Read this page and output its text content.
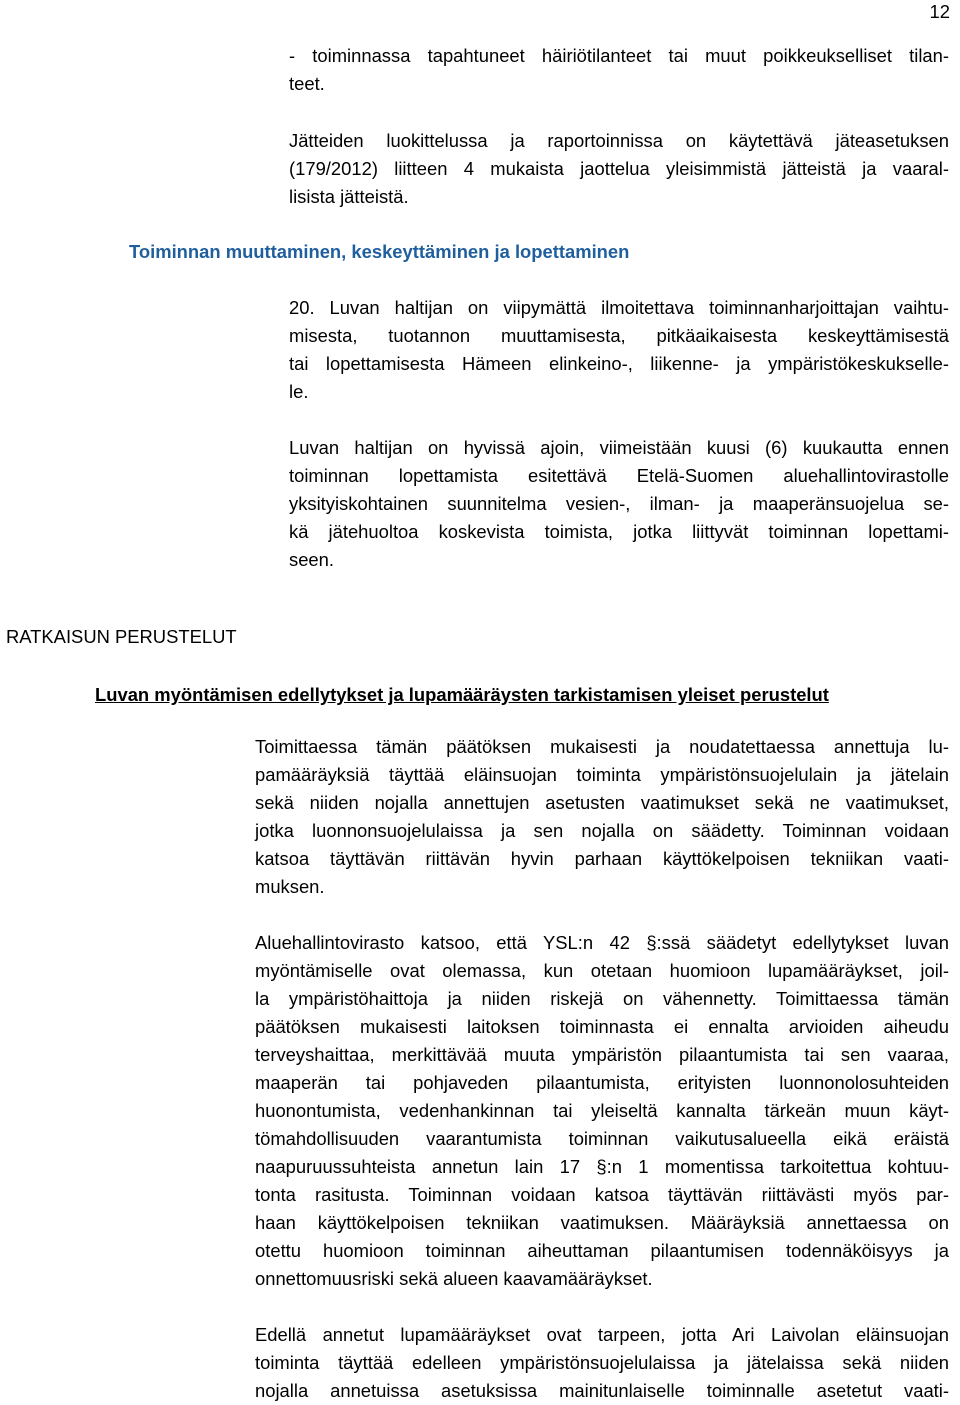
12
- toiminnassa tapahtuneet häiriötilanteet tai muut poikkeukselliset tilan-
teet.
Jätteiden luokittelussa ja raportoinnissa on käytettävä jäteasetuksen
(179/2012) liitteen 4 mukaista jaottelua yleisimmistä jätteistä ja vaaral-
lisista jätteistä.
Toiminnan muuttaminen, keskeyttäminen ja lopettaminen
20. Luvan haltijan on viipymättä ilmoitettava toiminnanharjoittajan vaihtu-
misesta, tuotannon muuttamisesta, pitkäaikaisesta keskeyttämisestä
tai lopettamisesta Hämeen elinkeino-, liikenne- ja ympäristökeskukselle-
le.
Luvan haltijan on hyvissä ajoin, viimeistään kuusi (6) kuukautta ennen
toiminnan lopettamista esitettävä Etelä-Suomen aluehallintovirastolle
yksityiskohtainen suunnitelma vesien-, ilman- ja maaperänsuojelua se-
kä jätehuoltoa koskevista toimista, jotka liittyvät toiminnan lopettami-
seen.
RATKAISUN PERUSTELUT
Luvan myöntämisen edellytykset ja lupamääräysten tarkistamisen yleiset perustelut
Toimittaessa tämän päätöksen mukaisesti ja noudatettaessa annettuja lu-
pamääräyksiä täyttää eläinsuojan toiminta ympäristönsuojelulain ja jätelain
sekä niiden nojalla annettujen asetusten vaatimukset sekä ne vaatimukset,
jotka luonnonsuojelulaissa ja sen nojalla on säädetty. Toiminnan voidaan
katsoa täyttävän riittävän hyvin parhaan käyttökelpoisen tekniikan vaati-
muksen.
Aluehallintovirasto katsoo, että YSL:n 42 §:ssä säädetyt edellytykset luvan
myöntämiselle ovat olemassa, kun otetaan huomioon lupamääräykset, joil-
la ympäristöhaittoja ja niiden riskejä on vähennetty. Toimittaessa tämän
päätöksen mukaisesti laitoksen toiminnasta ei ennalta arvioiden aiheudu
terveyshaittaa, merkittävää muuta ympäristön pilaantumista tai sen vaaraa,
maaperän tai pohjaveden pilaantumista, erityisten luonnonolosuhteiden
huonontumista, vedenhankinnan tai yleiseltä kannalta tärkeän muun käyt-
tömahdollisuuden vaarantumista toiminnan vaikutusalueella eikä eräistä
naapuruussuhteista annetun lain 17 §:n 1 momentissa tarkoitettua kohtuu-
tonta rasitusta. Toiminnan voidaan katsoa täyttävän riittävästi myös par-
haan käyttökelpoisen tekniikan vaatimuksen. Määräyksiä annettaessa on
otettu huomioon toiminnan aiheuttaman pilaantumisen todennäköisyys ja
onnettomuusriski sekä alueen kaavamääräykset.
Edellä annetut lupamääräykset ovat tarpeen, jotta Ari Laivolan eläinsuojan
toiminta täyttää edelleen ympäristönsuojelulaissa ja jätelaissa sekä niiden
nojalla annetuissa asetuksissa mainitunlaiselle toiminnalle asetetut vaati-
